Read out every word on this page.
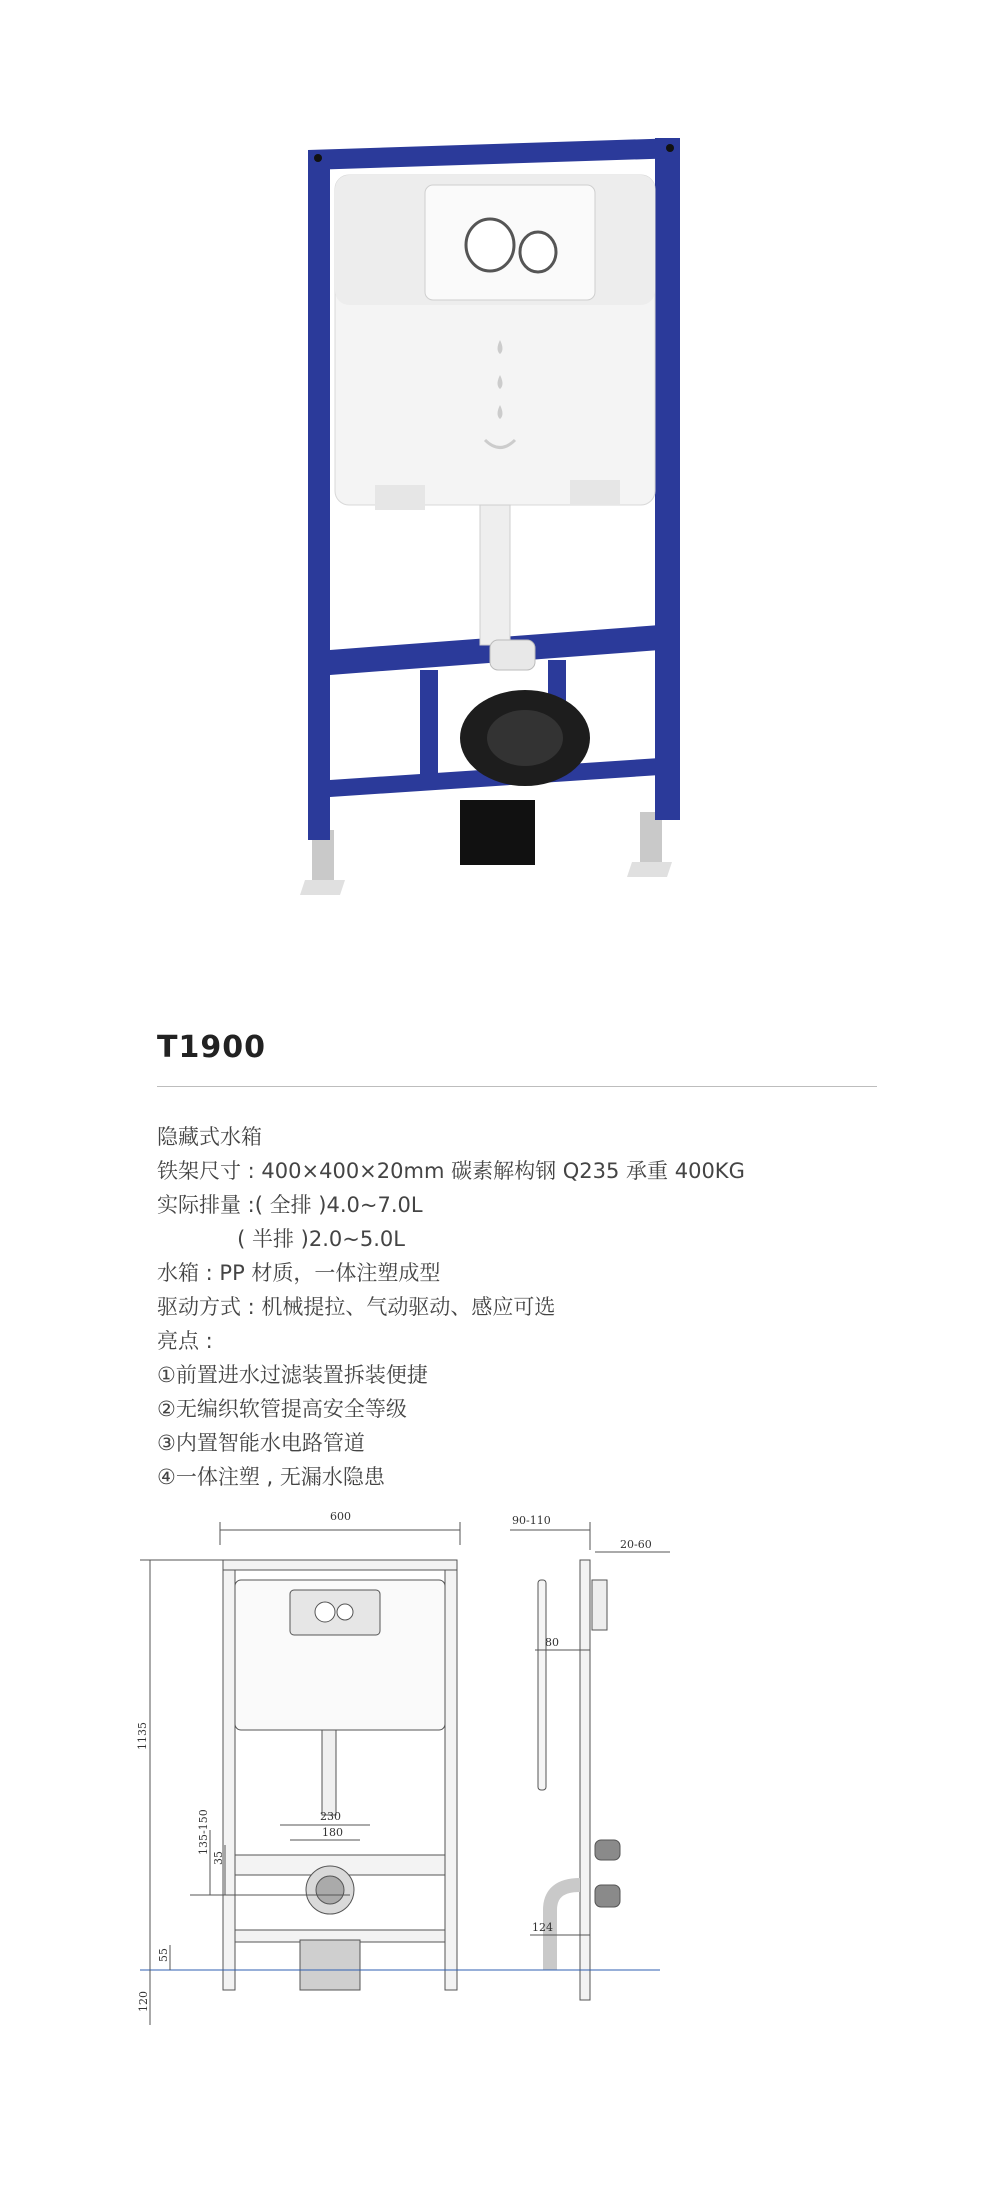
T1900
隐藏式水箱
铁架尺寸 : 400×400×20mm 碳素解构钢 Q235 承重 400KG
实际排量 :( 全排 )4.0~7.0L
( 半排 )2.0~5.0L
水箱 : PP 材质，一体注塑成型
驱动方式 : 机械提拉、气动驱动、感应可选
亮点 :
①前置进水过滤装置拆装便捷
②无编织软管提高安全等级
③内置智能水电路管道
④一体注塑 , 无漏水隐患
600
1135
230
180
135-150
35
55
120
90-110
20-60
80
124
